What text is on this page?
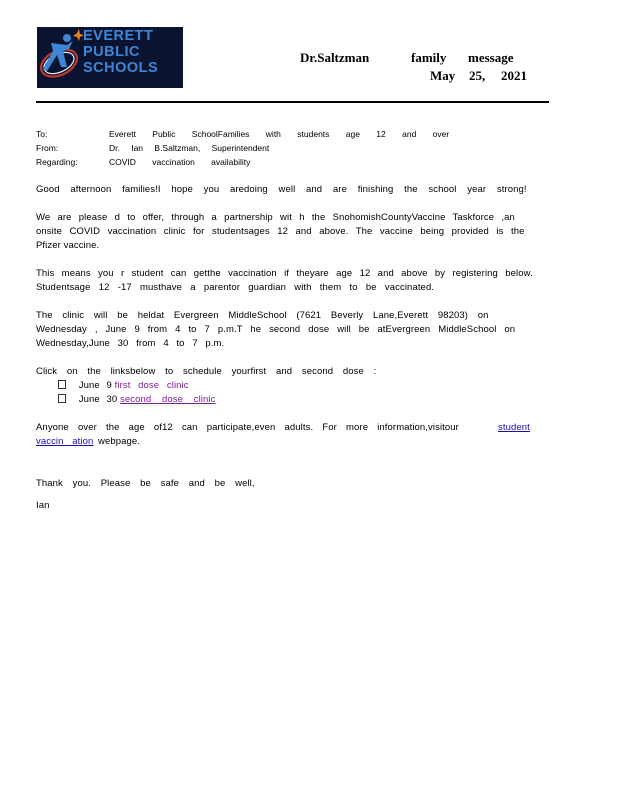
EVERETT
PUBLIC
SCHOOLS
Dr.Saltzman	family message
May 25, 2021
To:	Everett Public SchoolFamilies with students age 12 and over
From:	Dr. Ian B.Saltzman, Superintendent
Regarding:	COVID vaccination availability
Good afternoon families!I hope you aredoing well and are finishing the school year strong!
We are please d to offer, through a partnership wit h the SnohomishCountyVaccine Taskforce ,an
onsite COVID vaccination clinic for studentsages 12 and above. The vaccine being provided is the
Pfizer vaccine.
This means you r student can getthe vaccination if theyare age 12 and above by registering below.
Studentsage 12 -17 musthave a parentor guardian with them to be vaccinated.
The clinic will be heldat Evergreen MiddleSchool (7621 Beverly Lane,Everett 98203) on
Wednesday , June 9 from 4 to 7 p.m.T he second dose will be atEvergreen MiddleSchool on
Wednesday,June 30 from 4 to 7 p.m.
Click on the linksbelow to schedule yourfirst and second dose :
June 9 first dose clinic
June 30 second dose clinic
Anyone over the age of12 can participate,even adults. For more information,visitour	student
vaccin ation webpage.
Thank you. Please be safe and be well,
Ian
